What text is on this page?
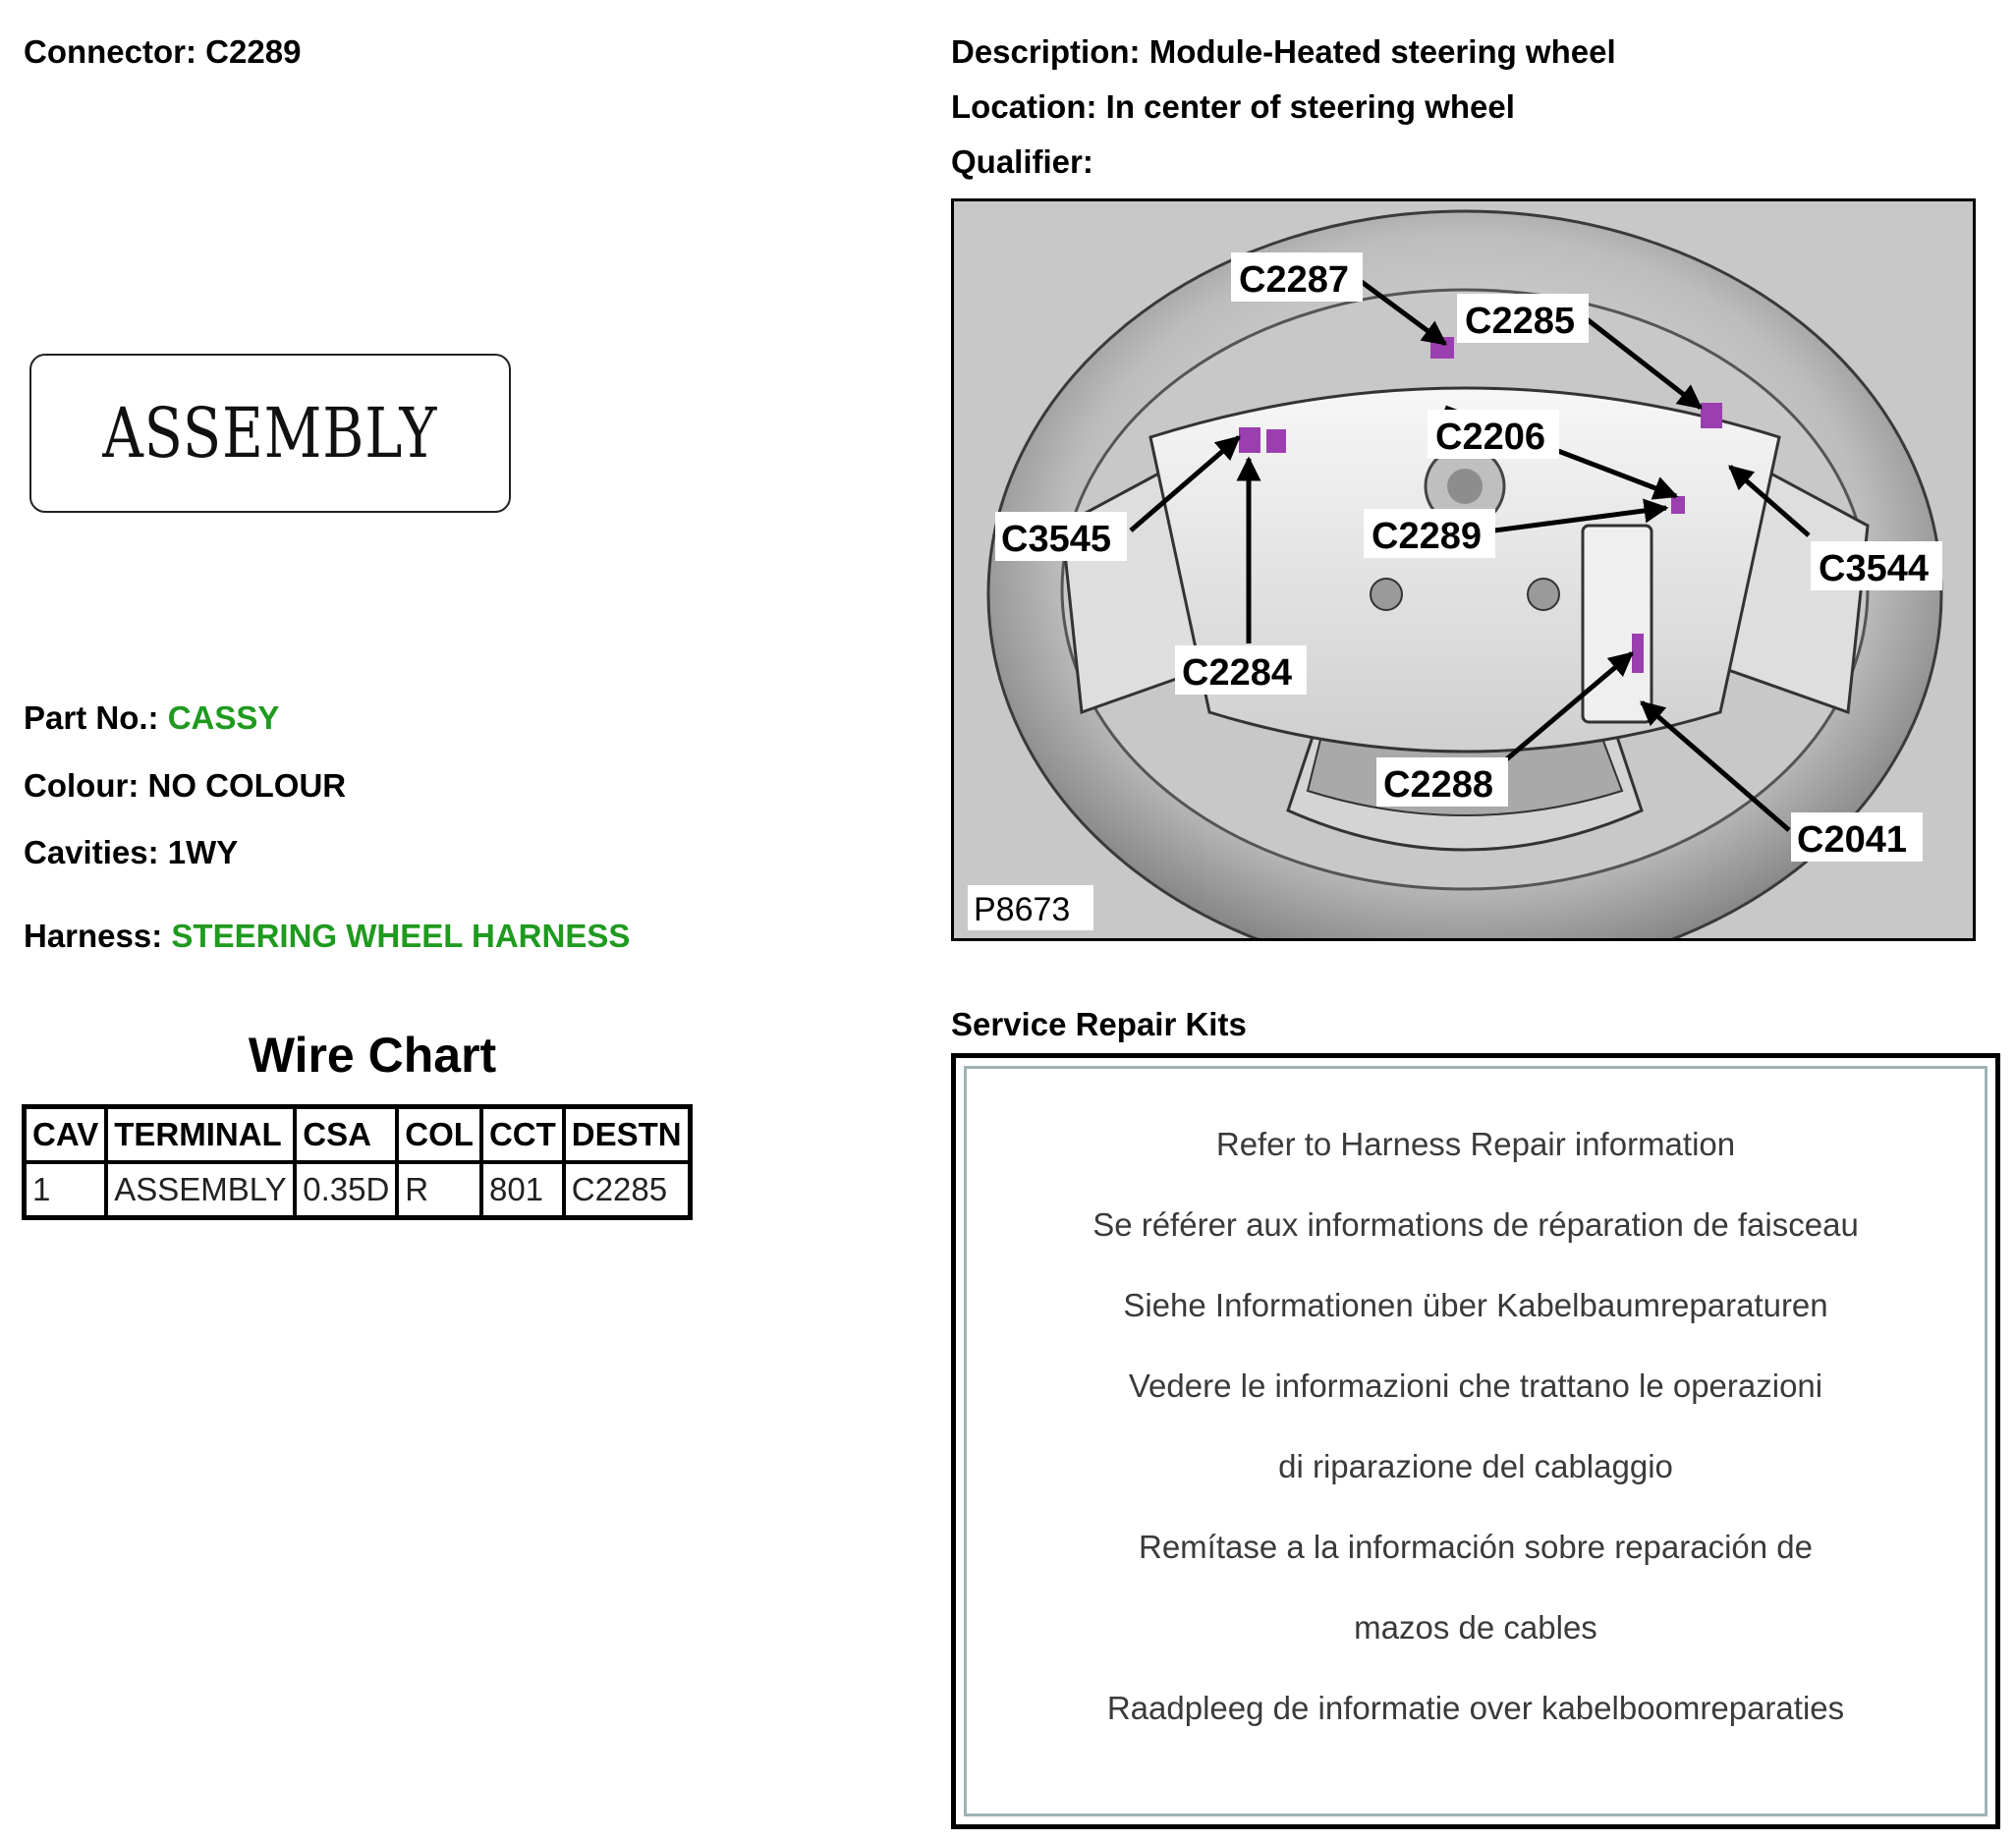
Connector: C2289
ASSEMBLY
Part No.: CASSY
Colour: NO COLOUR
Cavities: 1WY
Harness: STEERING WHEEL HARNESS
Wire Chart
CAV	TERMINAL	CSA	COL	CCT	DESTN
1	ASSEMBLY	0.35D	R	801	C2285
Description: Module-Heated steering wheel
Location: In center of steering wheel
Qualifier:
C2287
C2285
C2206
C3545	C2289
C3544
C2284
C2288
C2041
P8673
Service Repair Kits
Refer to Harness Repair information
Se référer aux informations de réparation de faisceau
Siehe Informationen über Kabelbaumreparaturen
Vedere le informazioni che trattano le operazioni
di riparazione del cablaggio
Remítase a la información sobre reparación de
mazos de cables
Raadpleeg de informatie over kabelboomreparaties
